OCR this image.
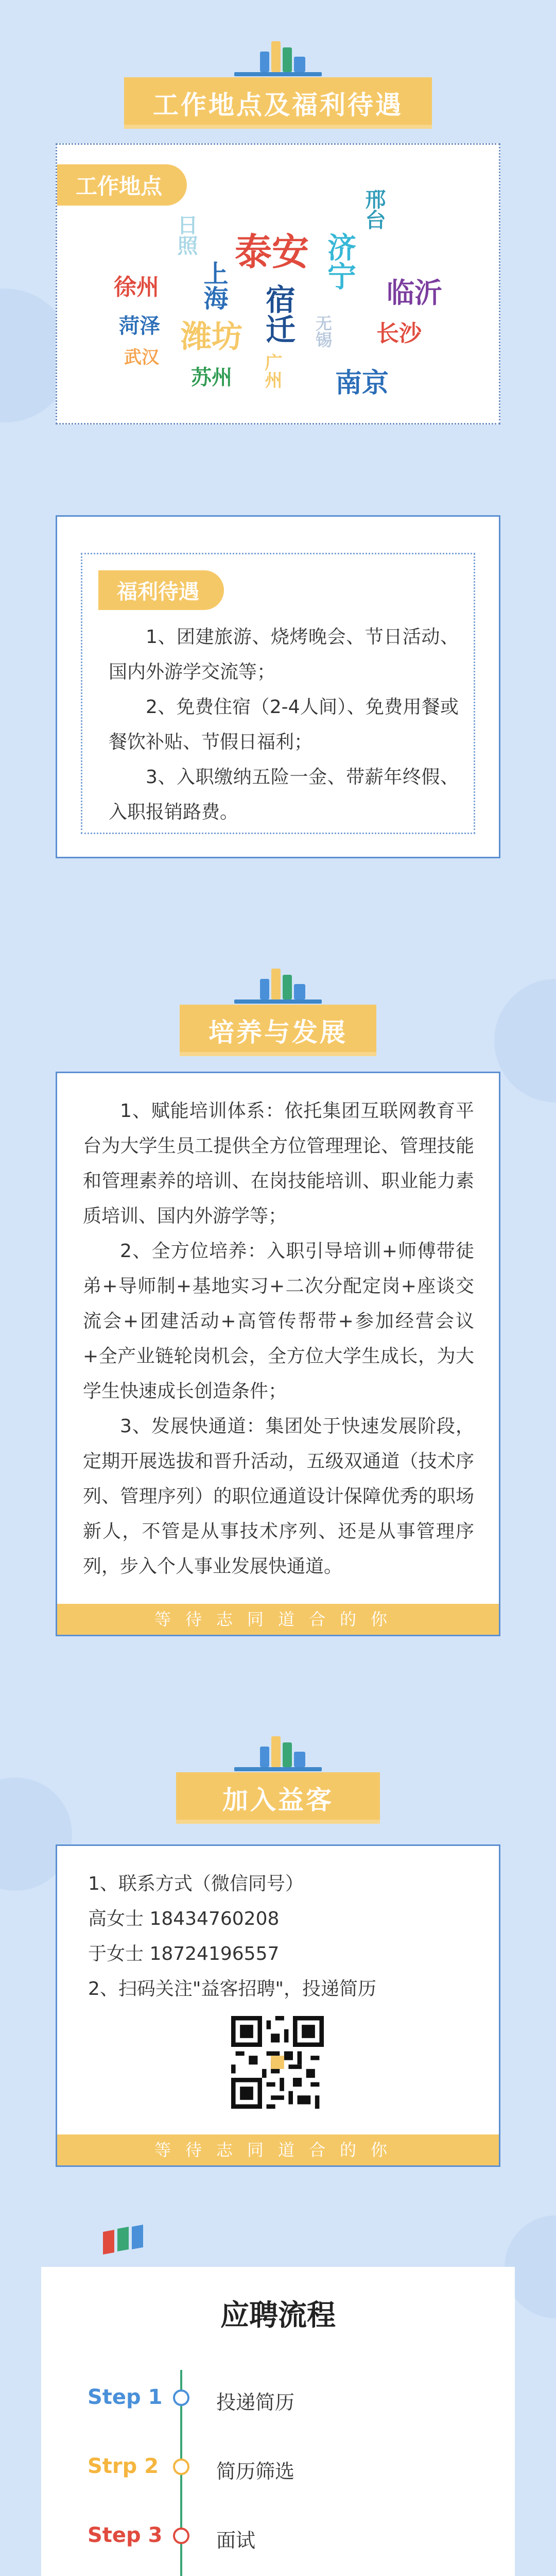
工作地点及福利待遇
工作地点
日照
邢台
泰安
徐州 上海	济宁
临沂
菏泽	宿迁
潍坊	无锡 长沙
武汉
苏州 广州 南京
福利待遇

1、团建旅游、烧烤晚会、节日活动、国内外游学交流等；

2、免费住宿（2-4人间）、免费用餐或餐饮补贴、节假日福利；

3、入职缴纳五险一金、带薪年终假、入职报销路费。

培养与发展

1、赋能培训体系：依托集团互联网教育平台为大学生员工提供全方位管理理论、管理技能和管理素养的培训、在岗技能培训、职业能力素质培训、国内外游学等；

2、全方位培养：入职引导培训+师傅带徒弟+导师制+基地实习+二次分配定岗+座谈交流会+团建活动+高管传帮带+参加经营会议+全产业链轮岗机会，全方位大学生成长，为大学生快速成长创造条件；

3、发展快通道：集团处于快速发展阶段，定期开展选拔和晋升活动，五级双通道（技术序列、管理序列）的职位通道设计保障优秀的职场新人，不管是从事技术序列、还是从事管理序列，步入个人事业发展快通道。

等待志同道合的你
加入益客
1、联系方式（微信同号）
高女士 18434760208
于女士 18724196557
2、扫码关注"益客招聘"，投递简历
等待志同道合的你
应聘流程
Step 1	投递简历
Strp 2	简历筛选
Step 3	面试
